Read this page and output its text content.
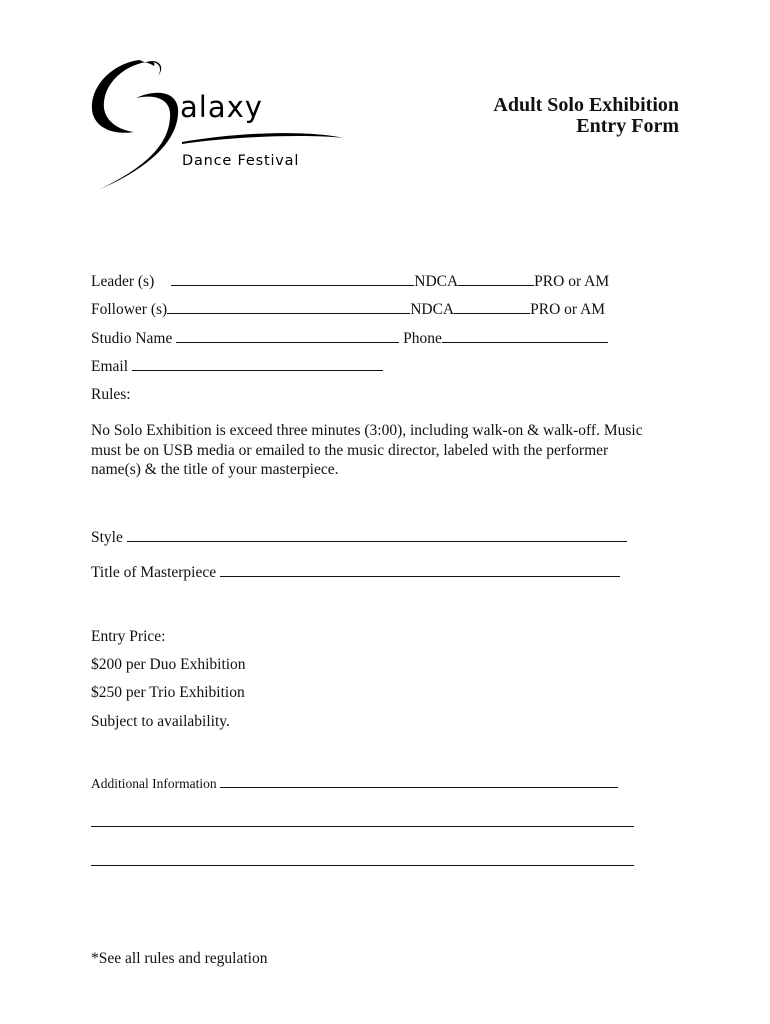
alaxy
Dance Festival
Adult Solo Exhibition
Entry Form
Leader (s)	NDCA	PRO or AM
Follower (s)	NDCA	PRO or AM
Studio Name	Phone
Email
Rules:
No Solo Exhibition is exceed three minutes (3:00), including walk-on & walk-off. Music must be on USB media or emailed to the music director, labeled with the performer name(s) & the title of your masterpiece.
Style
Title of Masterpiece
Entry Price:
$200 per Duo Exhibition
$250 per Trio Exhibition
Subject to availability.
Additional Information
*See all rules and regulation
